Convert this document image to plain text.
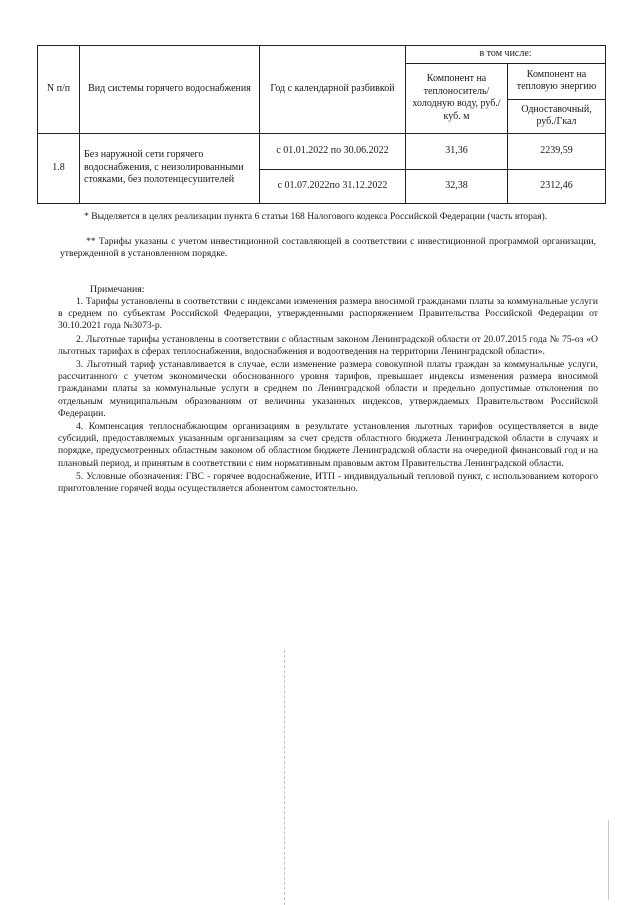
N п/п	Вид системы горячего водоснабжения	Год с календарной разбивкой	в том числе:	
			Компонент на теплоноситель/холодную воду, руб./куб. м	Компонент на тепловую энергию
				Одноставочный, руб./Гкал
1.8	Без наружной сети горячего водоснабжения, с неизолированными стояками, без полотенцесушителей	с 01.01.2022 по 30.06.2022	31,36	2239,59
		с 01.07.2022по 31.12.2022	32,38	2312,46
* Выделяется в целях реализации пункта 6 статьи 168 Налогового кодекса Российской Федерации (часть вторая).
** Тарифы указаны с учетом инвестиционной составляющей в соответствии с инвестиционной программой организации, утвержденной в установленном порядке.
Примечания:

1. Тарифы установлены в соответствии с индексами изменения размера вносимой гражданами платы за коммунальные услуги в среднем по субъектам Российской Федерации, утвержденными распоряжением Правительства Российской Федерации от 30.10.2021 года №3073-р.

2. Льготные тарифы установлены в соответствии с областным законом Ленинградской области от 20.07.2015 года № 75-оз «О льготных тарифах в сферах теплоснабжения, водоснабжения и водоотведения на территории Ленинградской области».

3. Льготный тариф устанавливается в случае, если изменение размера совокупной платы граждан за коммунальные услуги, рассчитанного с учетом экономически обоснованного уровня тарифов, превышает индексы изменения размера вносимой гражданами платы за коммунальные услуги в среднем по Ленинградской области и предельно допустимые отклонения по отдельным муниципальным образованиям от величины указанных индексов, утверждаемых Правительством Российской Федерации.

4. Компенсация теплоснабжающим организациям в результате установления льготных тарифов осуществляется в виде субсидий, предоставляемых указанным организациям за счет средств областного бюджета Ленинградской области в случаях и порядке, предусмотренных областным законом об областном бюджете Ленинградской области на очередной финансовый год и на плановый период, и принятым в соответствии с ним нормативным правовым актом Правительства Ленинградской области.

5. Условные обозначения: ГВС - горячее водоснабжение, ИТП - индивидуальный тепловой пункт, с использованием которого приготовление горячей воды осуществляется абонентом самостоятельно.
